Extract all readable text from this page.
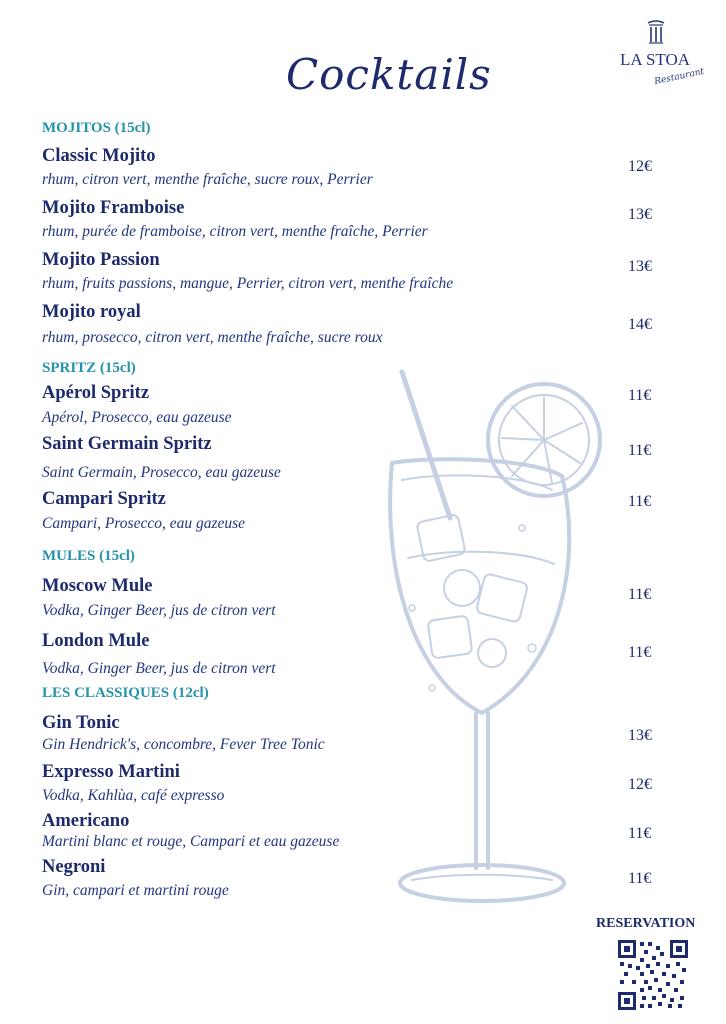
Cocktails	LA STOA
Restaurant
MOJITOS (15cl)
Classic Mojito
rhum, citron vert, menthe fraîche, sucre roux, Perrier
12€
Mojito Framboise
rhum, purée de framboise, citron vert, menthe fraîche, Perrier
13€
Mojito Passion
rhum, fruits passions, mangue, Perrier, citron vert, menthe fraîche
13€
Mojito royal
rhum, prosecco, citron vert, menthe fraîche, sucre roux
14€
SPRITZ (15cl)
Apérol Spritz
Apérol, Prosecco, eau gazeuse
11€
Saint Germain Spritz
Saint Germain, Prosecco, eau gazeuse
11€
Campari Spritz
Campari, Prosecco, eau gazeuse
11€
MULES (15cl)
Moscow Mule
Vodka, Ginger Beer, jus de citron vert
11€
London Mule
Vodka, Ginger Beer, jus de citron vert
11€
LES CLASSIQUES (12cl)
Gin Tonic
Gin Hendrick's, concombre, Fever Tree Tonic
13€
Expresso Martini
Vodka, Kahlùa, café expresso
12€
Americano
Martini blanc et rouge, Campari et eau gazeuse	11€
Negroni
Gin, campari et martini rouge
11€
RESERVATION
